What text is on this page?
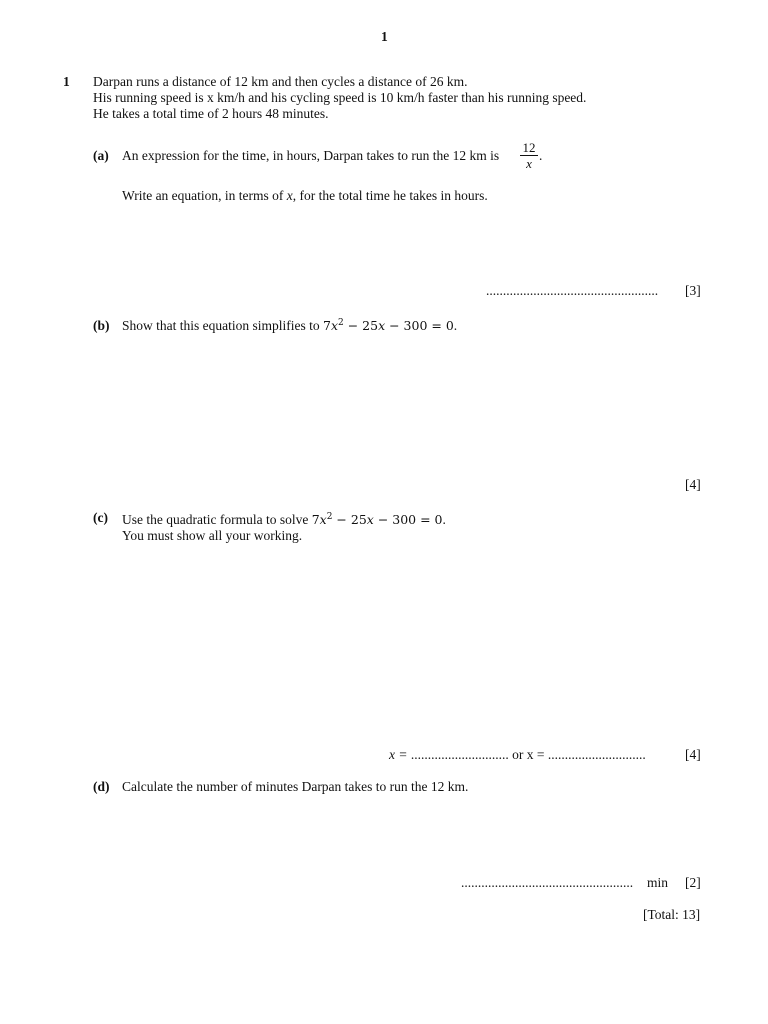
1
1 Darpan runs a distance of 12 km and then cycles a distance of 26 km.
His running speed is x km/h and his cycling speed is 10 km/h faster than his running speed.
He takes a total time of 2 hours 48 minutes.
(a) An expression for the time, in hours, Darpan takes to run the 12 km is
12
x
.
Write an equation, in terms of x, for the total time he takes in hours.
................................................... [3]
(b) Show that this equation simplifies to $7x^2 - 25x - 300 = 0$.
[4]
(c) Use the quadratic formula to solve $7x^2 - 25x - 300 = 0$.
You must show all your working.
x = ............................. or x = .............................	[4]
(d) Calculate the number of minutes Darpan takes to run the 12 km.
................................................... min [2]
[Total: 13]
